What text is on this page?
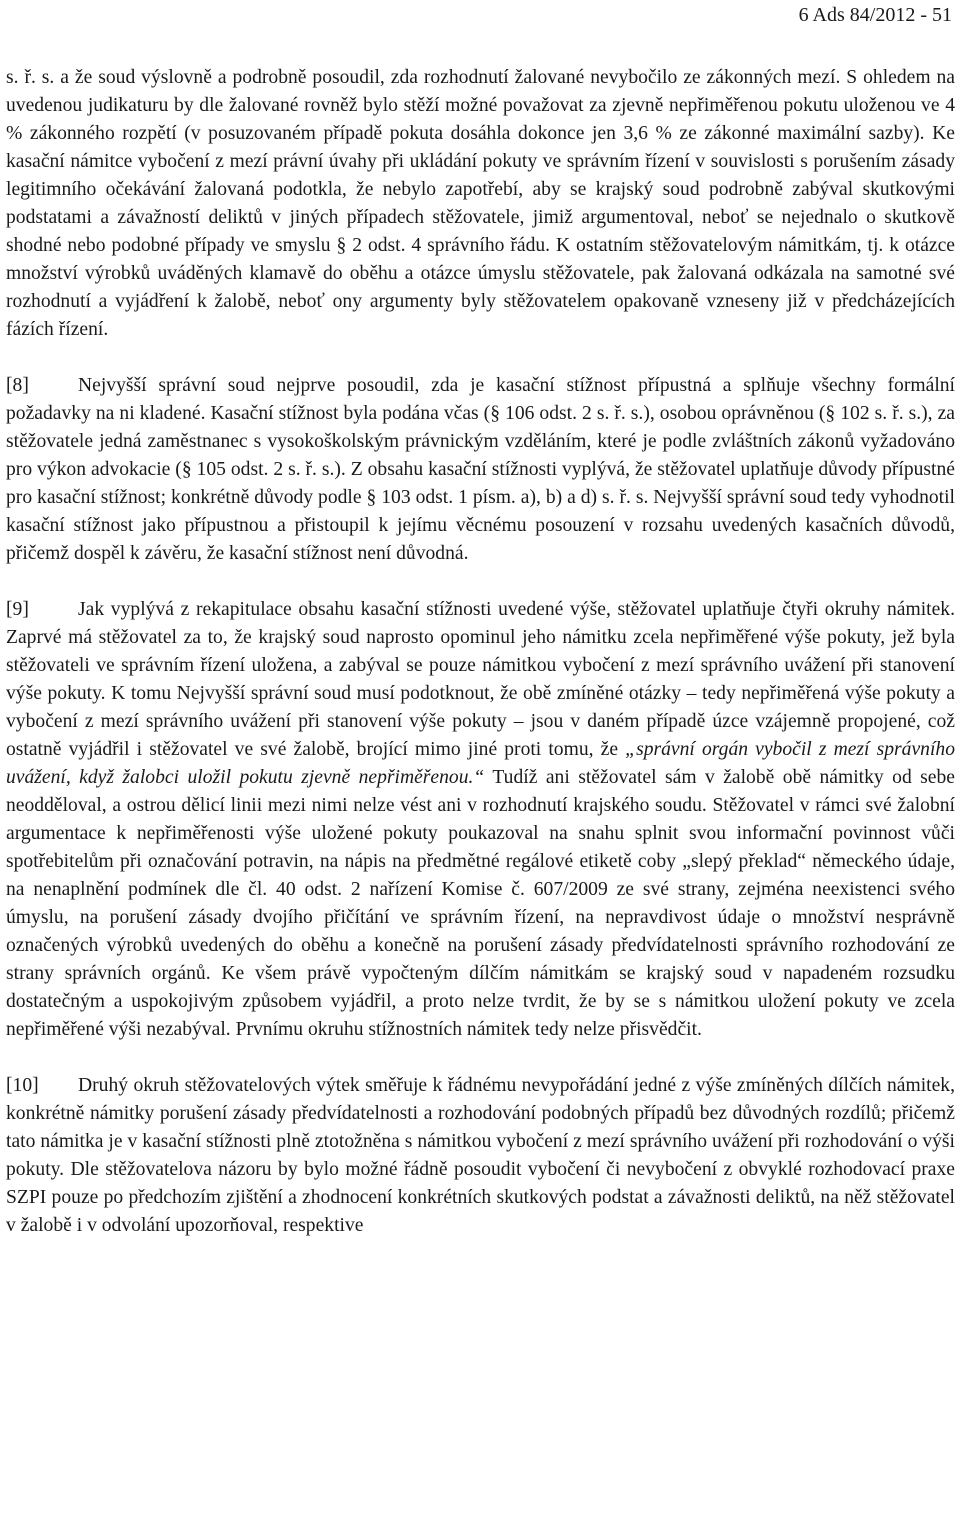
6 Ads 84/2012 - 51

s. ř. s. a že soud výslovně a podrobně posoudil, zda rozhodnutí žalované nevybočilo ze zákonných mezí. S ohledem na uvedenou judikaturu by dle žalované rovněž bylo stěží možné považovat za zjevně nepřiměřenou pokutu uloženou ve 4 % zákonného rozpětí (v posuzovaném případě pokuta dosáhla dokonce jen 3,6 % ze zákonné maximální sazby). Ke kasační námitce vybočení z mezí právní úvahy při ukládání pokuty ve správním řízení v souvislosti s porušením zásady legitimního očekávání žalovaná podotkla, že nebylo zapotřebí, aby se krajský soud podrobně zabýval skutkovými podstatami a závažností deliktů v jiných případech stěžovatele, jimiž argumentoval, neboť se nejednalo o skutkově shodné nebo podobné případy ve smyslu § 2 odst. 4 správního řádu. K ostatním stěžovatelovým námitkám, tj. k otázce množství výrobků uváděných klamavě do oběhu a otázce úmyslu stěžovatele, pak žalovaná odkázala na samotné své rozhodnutí a vyjádření k žalobě, neboť ony argumenty byly stěžovatelem opakovaně vzneseny již v předcházejících fázích řízení.

[8]	Nejvyšší správní soud nejprve posoudil, zda je kasační stížnost přípustná a splňuje všechny formální požadavky na ni kladené. Kasační stížnost byla podána včas (§ 106 odst. 2 s. ř. s.), osobou oprávněnou (§ 102 s. ř. s.), za stěžovatele jedná zaměstnanec s vysokoškolským právnickým vzděláním, které je podle zvláštních zákonů vyžadováno pro výkon advokacie (§ 105 odst. 2 s. ř. s.). Z obsahu kasační stížnosti vyplývá, že stěžovatel uplatňuje důvody přípustné pro kasační stížnost; konkrétně důvody podle § 103 odst. 1 písm. a), b) a d) s. ř. s. Nejvyšší správní soud tedy vyhodnotil kasační stížnost jako přípustnou a přistoupil k jejímu věcnému posouzení v rozsahu uvedených kasačních důvodů, přičemž dospěl k závěru, že kasační stížnost není důvodná.

[9]	Jak vyplývá z rekapitulace obsahu kasační stížnosti uvedené výše, stěžovatel uplatňuje čtyři okruhy námitek. Zaprvé má stěžovatel za to, že krajský soud naprosto opominul jeho námitku zcela nepřiměřené výše pokuty, jež byla stěžovateli ve správním řízení uložena, a zabýval se pouze námitkou vybočení z mezí správního uvážení při stanovení výše pokuty. K tomu Nejvyšší správní soud musí podotknout, že obě zmíněné otázky – tedy nepřiměřená výše pokuty a vybočení z mezí správního uvážení při stanovení výše pokuty – jsou v daném případě úzce vzájemně propojené, což ostatně vyjádřil i stěžovatel ve své žalobě, brojící mimo jiné proti tomu, že „správní orgán vybočil z mezí správního uvážení, když žalobci uložil pokutu zjevně nepřiměřenou.“ Tudíž ani stěžovatel sám v žalobě obě námitky od sebe neodděloval, a ostrou dělicí linii mezi nimi nelze vést ani v rozhodnutí krajského soudu. Stěžovatel v rámci své žalobní argumentace k nepřiměřenosti výše uložené pokuty poukazoval na snahu splnit svou informační povinnost vůči spotřebitelům při označování potravin, na nápis na předmětné regálové etiketě coby „slepý překlad“ německého údaje, na nenaplnění podmínek dle čl. 40 odst. 2 nařízení Komise č. 607/2009 ze své strany, zejména neexistenci svého úmyslu, na porušení zásady dvojího přičítání ve správním řízení, na nepravdivost údaje o množství nesprávně označených výrobků uvedených do oběhu a konečně na porušení zásady předvídatelnosti správního rozhodování ze strany správních orgánů. Ke všem právě vypočteným dílčím námitkám se krajský soud v napadeném rozsudku dostatečným a uspokojivým způsobem vyjádřil, a proto nelze tvrdit, že by se s námitkou uložení pokuty ve zcela nepřiměřené výši nezabýval. Prvnímu okruhu stížnostních námitek tedy nelze přisvědčit.

[10] Druhý okruh stěžovatelových výtek směřuje k řádnému nevypořádání jedné z výše zmíněných dílčích námitek, konkrétně námitky porušení zásady předvídatelnosti a rozhodování podobných případů bez důvodných rozdílů; přičemž tato námitka je v kasační stížnosti plně ztotožněna s námitkou vybočení z mezí správního uvážení při rozhodování o výši pokuty. Dle stěžovatelova názoru by bylo možné řádně posoudit vybočení či nevybočení z obvyklé rozhodovací praxe SZPI pouze po předchozím zjištění a zhodnocení konkrétních skutkových podstat a závažnosti deliktů, na něž stěžovatel v žalobě i v odvolání upozorňoval, respektive
